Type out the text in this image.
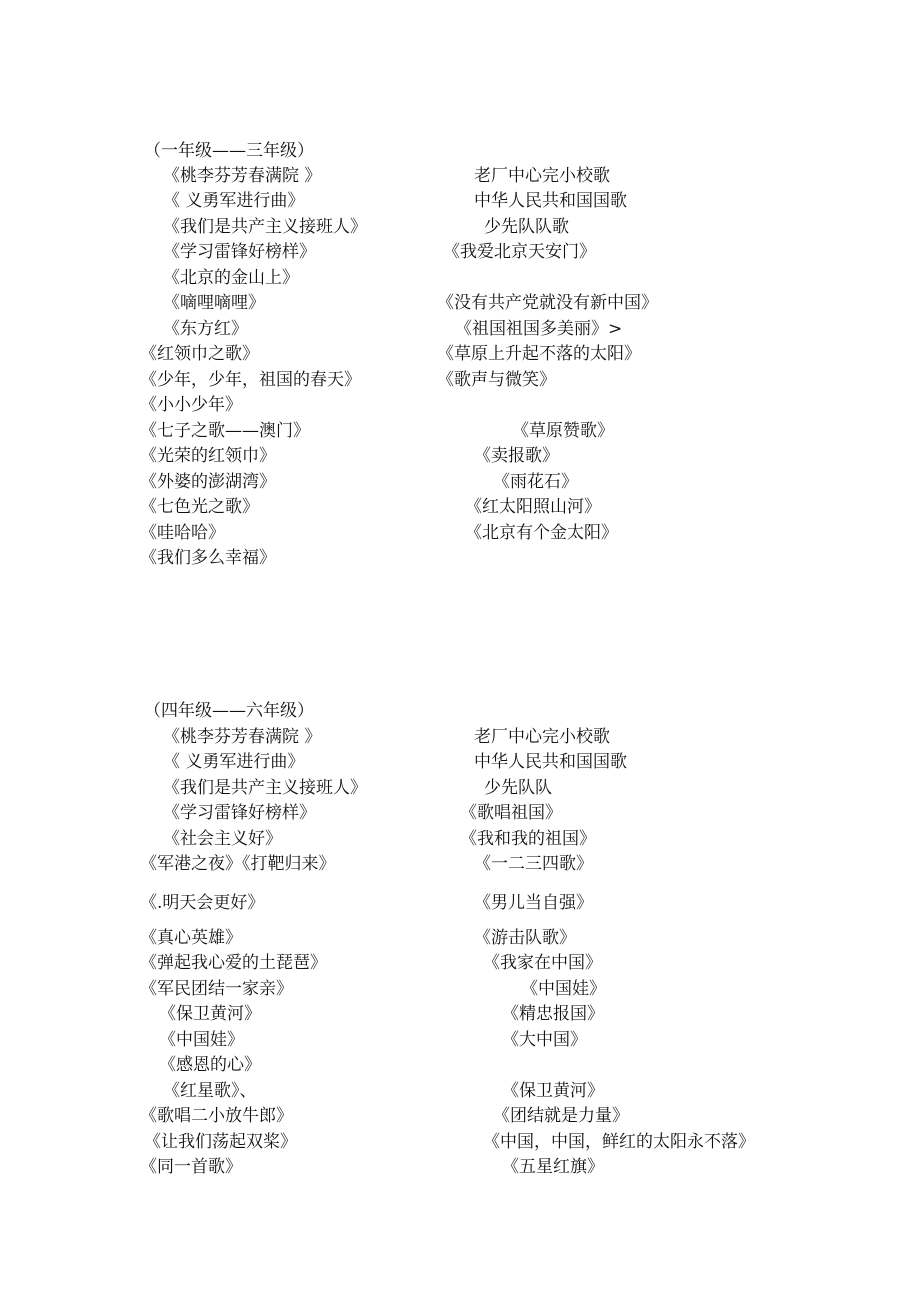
（一年级——三年级）
《桃李芬芳春满院 》
《 义勇军进行曲》
《我们是共产主义接班人》
《学习雷锋好榜样》
《北京的金山上》
《嘀哩嘀哩》
《东方红》
《红领巾之歌》
《少年，少年，祖国的春天》
《小小少年》
《七子之歌——澳门》
《光荣的红领巾》
《外婆的澎湖湾》
《七色光之歌》
《哇哈哈》
《我们多么幸福》
老厂中心完小校歌
中华人民共和国国歌
少先队队歌
《我爱北京天安门》
《没有共产党就没有新中国》
《祖国祖国多美丽》>
《草原上升起不落的太阳》
《歌声与微笑》
《草原赞歌》
《卖报歌》
《雨花石》
《红太阳照山河》
《北京有个金太阳》
（四年级——六年级）
《桃李芬芳春满院 》
《 义勇军进行曲》
《我们是共产主义接班人》
《学习雷锋好榜样》
《社会主义好》
《军港之夜》《打靶归来》
《.明天会更好》
《真心英雄》
《弹起我心爱的土琵琶》
《军民团结一家亲》
《保卫黄河》
《中国娃》
《感恩的心》
《红星歌》、
《歌唱二小放牛郎》
《让我们荡起双桨》
《同一首歌》
老厂中心完小校歌
中华人民共和国国歌
少先队队
《歌唱祖国》
《我和我的祖国》
《一二三四歌》
《男儿当自强》
《游击队歌》
《我家在中国》
《中国娃》
《精忠报国》
《大中国》
《保卫黄河》
《团结就是力量》
《中国，中国，鲜红的太阳永不落》
《五星红旗》
